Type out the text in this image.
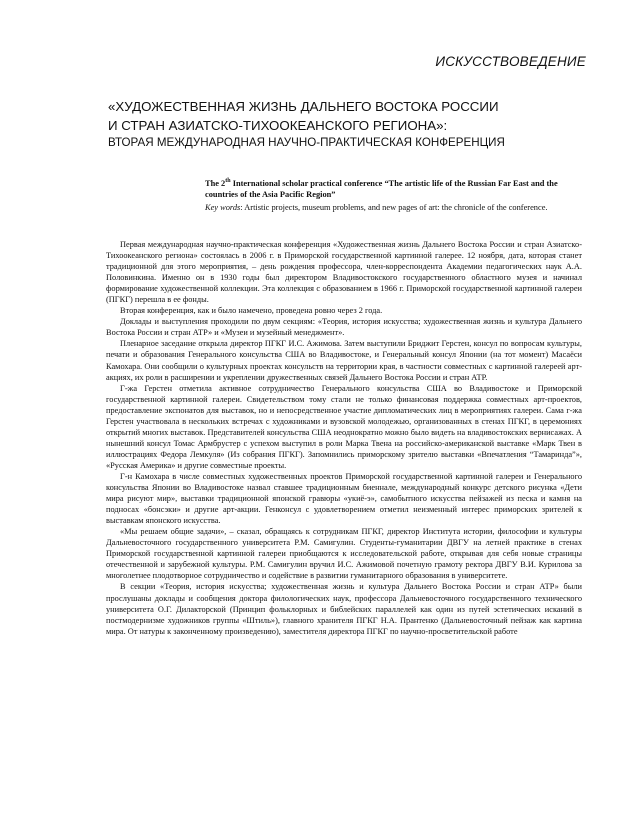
ИСКУССТВОВЕДЕНИЕ
«ХУДОЖЕСТВЕННАЯ ЖИЗНЬ ДАЛЬНЕГО ВОСТОКА РОССИИ
И СТРАН АЗИАТСКО-ТИХООКЕАНСКОГО РЕГИОНА»:
ВТОРАЯ МЕЖДУНАРОДНАЯ НАУЧНО-ПРАКТИЧЕСКАЯ КОНФЕРЕНЦИЯ

The 2th International scholar practical conference “The artistic life of the Russian Far East and the countries of the Asia Pacific Region”

Key words: Artistic projects, museum problems, and new pages of art: the chronicle of the conference.

Первая международная научно-практическая конференция «Художественная жизнь Дальнего Востока России и стран Азиатско-Тихоокеанского региона» состоялась в 2006 г. в Приморской государственной картинной галерее. 12 ноября, дата, которая станет традиционной для этого мероприятия, – день рождения профессора, член-корреспондента Академии педагогических наук А.А. Половинкина. Именно он в 1930 годы был директором Владивостокского государственного областного музея и начинал формирование художественной коллекции. Эта коллекция с образованием в 1966 г. Приморской государственной картинной галереи (ПГКГ) перешла в ее фонды.

Вторая конференция, как и было намечено, проведена ровно через 2 года.

Доклады и выступления проходили по двум секциям: «Теория, история искусства; художественная жизнь и культура Дальнего Востока России и стран АТР» и «Музеи и музейный менеджмент».

Пленарное заседание открыла директор ПГКГ И.С. Ажимова. Затем выступили Бриджит Герстен, консул по вопросам культуры, печати и образования Генерального консульства США во Владивостоке, и Генеральный консул Японии (на тот момент) Масаёси Камохара. Они сообщили о культурных проектах консульств на территории края, в частности совместных с картинной галереей арт-акциях, их роли в расширении и укреплении дружественных связей Дальнего Востока России и стран АТР.

Г-жа Герстен отметила активное сотрудничество Генерального консульства США во Владивостоке и Приморской государственной картинной галереи. Свидетельством тому стали не только финансовая поддержка совместных арт-проектов, предоставление экспонатов для выставок, но и непосредственное участие дипломатических лиц в мероприятиях галереи. Сама г-жа Герстен участвовала в нескольких встречах с художниками и вузовской молодежью, организованных в стенах ПГКГ, в церемониях открытий многих выставок. Представителей консульства США неоднократно можно было видеть на владивостокских вернисажах. А нынешний консул Томас Армбрустер с успехом выступил в роли Марка Твена на российско-американской выставке «Марк Твен в иллюстрациях Федора Лемкуля» (Из собрания ПГКГ). Запомнились приморскому зрителю выставки «Впечатления “Тамаринда”», «Русская Америка» и другие совместные проекты.

Г-н Камохара в числе совместных художественных проектов Приморской государственной картинной галереи и Генерального консульства Японии во Владивостоке назвал ставшее традиционным биеннале, международный конкурс детского рисунка «Дети мира рисуют мир», выставки традиционной японской гравюры «укиё-э», самобытного искусства пейзажей из песка и камня на подносах «бонсэки» и другие арт-акции. Генконсул с удовлетворением отметил неизменный интерес приморских зрителей к выставкам японского искусства.

«Мы решаем общие задачи», – сказал, обращаясь к сотрудникам ПГКГ, директор Института истории, философии и культуры Дальневосточного государственного университета Р.М. Самигулин. Студенты-гуманитарии ДВГУ на летней практике в стенах Приморской государственной картинной галереи приобщаются к исследовательской работе, открывая для себя новые страницы отечественной и зарубежной культуры. Р.М. Самигулин вручил И.С. Ажимовой почетную грамоту ректора ДВГУ В.И. Курилова за многолетнее плодотворное сотрудничество и содействие в развитии гуманитарного образования в университете.

В секции «Теория, история искусства; художественная жизнь и культура Дальнего Востока России и стран АТР» были прослушаны доклады и сообщения доктора филологических наук, профессора Дальневосточного государственного технического университета О.Г. Дилакторской (Принцип фольклорных и библейских параллелей как один из путей эстетических исканий в постмодернизме художников группы «Штиль»), главного хранителя ПГКГ Н.А. Прантенко (Дальневосточный пейзаж как картина мира. От натуры к законченному произведению), заместителя директора ПГКГ по научно-просветительской работе
